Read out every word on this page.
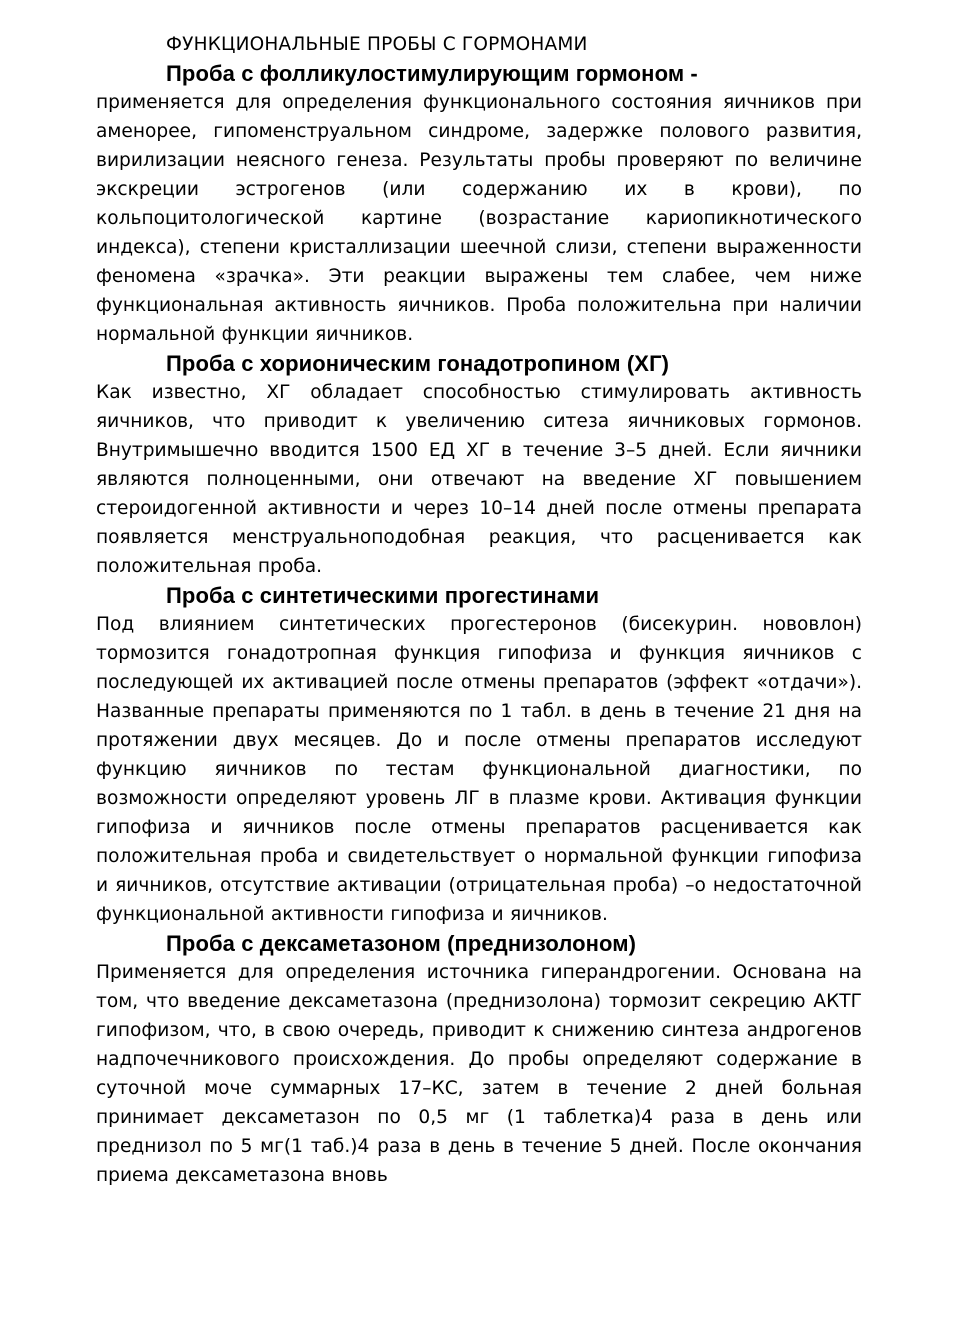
ФУНКЦИОНАЛЬНЫЕ ПРОБЫ С ГОРМОНАМИ
Проба с фолликулостимулирующим гормоном -

применяется для определения функционального состояния яичников при аменорее, гипоменструальном синдроме, задержке полового развития, вирилизации неясного генеза. Результаты пробы проверяют по величине экскреции эстрогенов (или содержанию их в крови), по кольпоцитологической картине (возрастание кариопикнотического индекса), степени кристаллизации шеечной слизи, степени выраженности феномена «зрачка». Эти реакции выражены тем слабее, чем ниже функциональная активность яичников. Проба положительна при наличии нормальной функции яичников.

Проба с хорионическим гонадотропином (ХГ)

Как известно, ХГ обладает способностью стимулировать активность яичников, что приводит к увеличению ситеза яичниковых гормонов. Внутримышечно вводится 1500 ЕД ХГ в течение 3–5 дней. Если яичники являются полноценными, они отвечают на введение ХГ повышением стероидогенной активности и через 10–14 дней после отмены препарата появляется менструальноподобная реакция, что расценивается как положительная проба.

Проба с синтетическими прогестинами

Под влиянием синтетических прогестеронов (бисекурин. нововлон) тормозится гонадотропная функция гипофиза и функция яичников с последующей их активацией после отмены препаратов (эффект «отдачи»). Названные препараты применяются по 1 табл. в день в течение 21 дня на протяжении двух месяцев. До и после отмены препаратов исследуют функцию яичников по тестам функциональной диагностики, по возможности определяют уровень ЛГ в плазме крови. Активация функции гипофиза и яичников после отмены препаратов расценивается как положительная проба и свидетельствует о нормальной функции гипофиза и яичников, отсутствие активации (отрицательная проба) –о недостаточной функциональной активности гипофиза и яичников.

Проба с дексаметазоном (преднизолоном)

Применяется для определения источника гиперандрогении. Основана на том, что введение дексаметазона (преднизолона) тормозит секрецию АКТГ гипофизом, что, в свою очередь, приводит к снижению синтеза андрогенов надпочечникового происхождения. До пробы определяют содержание в суточной моче суммарных 17–КС, затем в течение 2 дней больная принимает дексаметазон по 0,5 мг (1 таблетка)4 раза в день или преднизол по 5 мг(1 таб.)4 раза в день в течение 5 дней. После окончания приема дексаметазона вновь
